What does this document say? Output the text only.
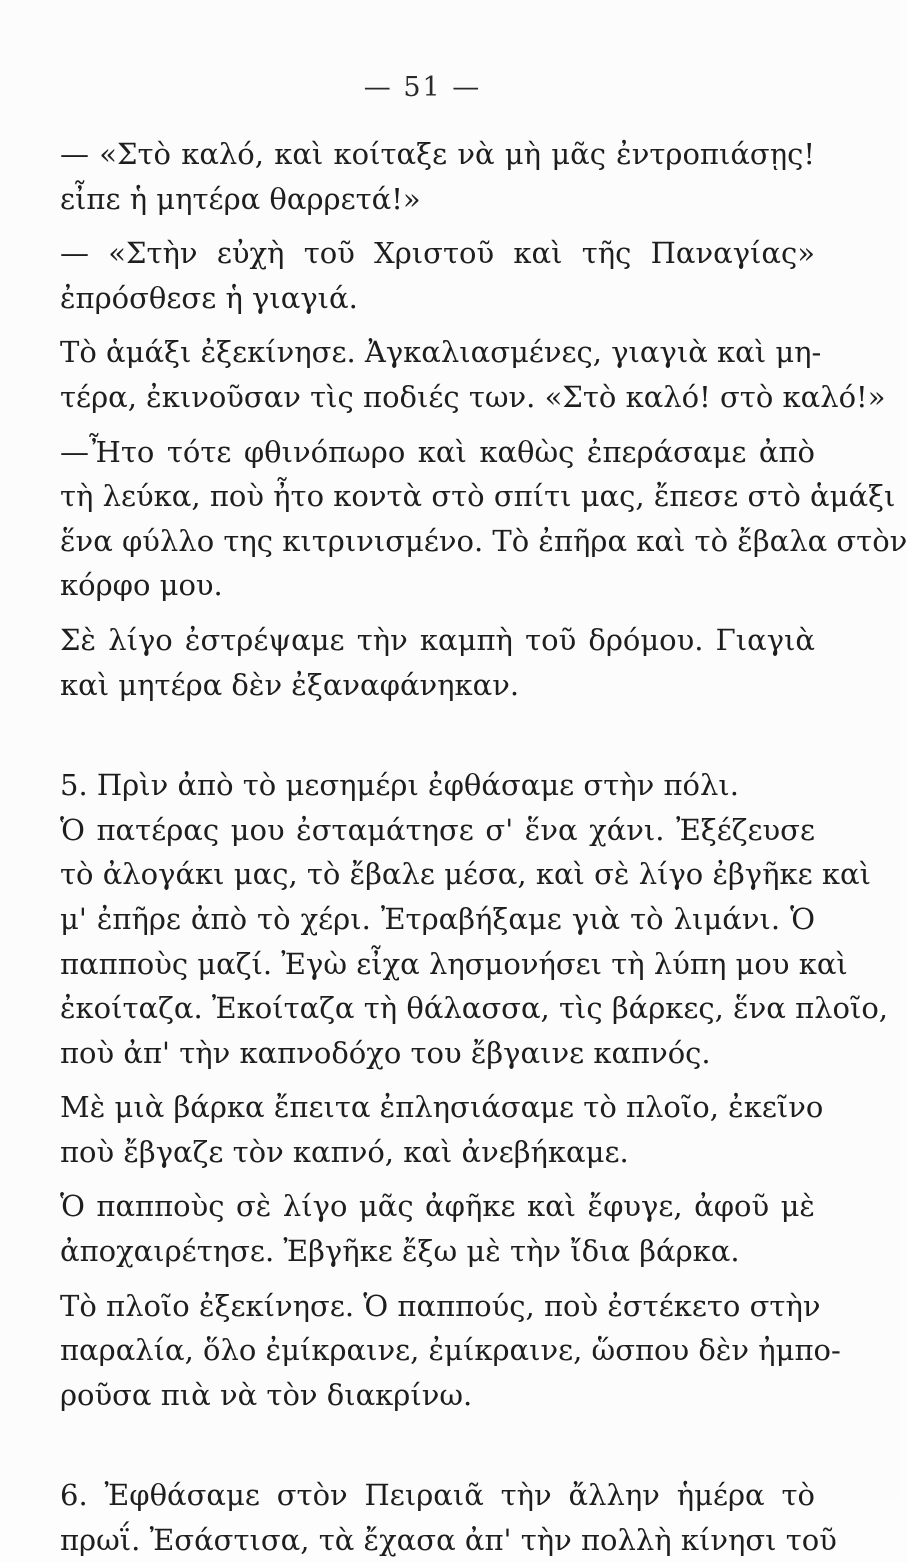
— 51 —
— «Στὸ καλό, καὶ κοίταξε νὰ μὴ μᾶς ἐντροπιάσῃς!
εἶπε ἡ μητέρα θαρρετά!»
— «Στὴν εὐχὴ τοῦ Χριστοῦ καὶ τῆς Παναγίας»
ἐπρόσθεσε ἡ γιαγιά.
Τὸ ἁμάξι ἐξεκίνησε. Ἀγκαλιασμένες, γιαγιὰ καὶ μη-
τέρα, ἐκινοῦσαν τὶς ποδιές των. «Στὸ καλό! στὸ καλό!»
—Ἦτο τότε φθινόπωρο καὶ καθὼς ἐπεράσαμε ἀπὸ
τὴ λεύκα, ποὺ ἦτο κοντὰ στὸ σπίτι μας, ἔπεσε στὸ ἁμάξι
ἕνα φύλλο της κιτρινισμένο. Τὸ ἐπῆρα καὶ τὸ ἔβαλα στὸν
κόρφο μου.
Σὲ λίγο ἐστρέψαμε τὴν καμπὴ τοῦ δρόμου. Γιαγιὰ
καὶ μητέρα δὲν ἐξαναφάνηκαν.
5. Πρὶν ἀπὸ τὸ μεσημέρι ἐφθάσαμε στὴν πόλι.
Ὁ πατέρας μου ἐσταμάτησε σ' ἕνα χάνι. Ἐξέζευσε
τὸ ἀλογάκι μας, τὸ ἔβαλε μέσα, καὶ σὲ λίγο ἐβγῆκε καὶ
μ' ἐπῆρε ἀπὸ τὸ χέρι. Ἐτραβήξαμε γιὰ τὸ λιμάνι. Ὁ
παπποὺς μαζί. Ἐγὼ εἶχα λησμονήσει τὴ λύπη μου καὶ
ἐκοίταζα. Ἐκοίταζα τὴ θάλασσα, τὶς βάρκες, ἕνα πλοῖο,
ποὺ ἀπ' τὴν καπνοδόχο του ἔβγαινε καπνός.
Μὲ μιὰ βάρκα ἔπειτα ἐπλησιάσαμε τὸ πλοῖο, ἐκεῖνο
ποὺ ἔβγαζε τὸν καπνό, καὶ ἀνεβήκαμε.
Ὁ παπποὺς σὲ λίγο μᾶς ἀφῆκε καὶ ἔφυγε, ἀφοῦ μὲ
ἀποχαιρέτησε. Ἐβγῆκε ἔξω μὲ τὴν ἴδια βάρκα.
Τὸ πλοῖο ἐξεκίνησε. Ὁ παππούς, ποὺ ἐστέκετο στὴν
παραλία, ὅλο ἐμίκραινε, ἐμίκραινε, ὥσπου δὲν ἠμπο-
ροῦσα πιὰ νὰ τὸν διακρίνω.
6. Ἐφθάσαμε στὸν Πειραιᾶ τὴν ἄλλην ἡμέρα τὸ
πρωΐ. Ἐσάστισα, τὰ ἔχασα ἀπ' τὴν πολλὴ κίνησι τοῦ
